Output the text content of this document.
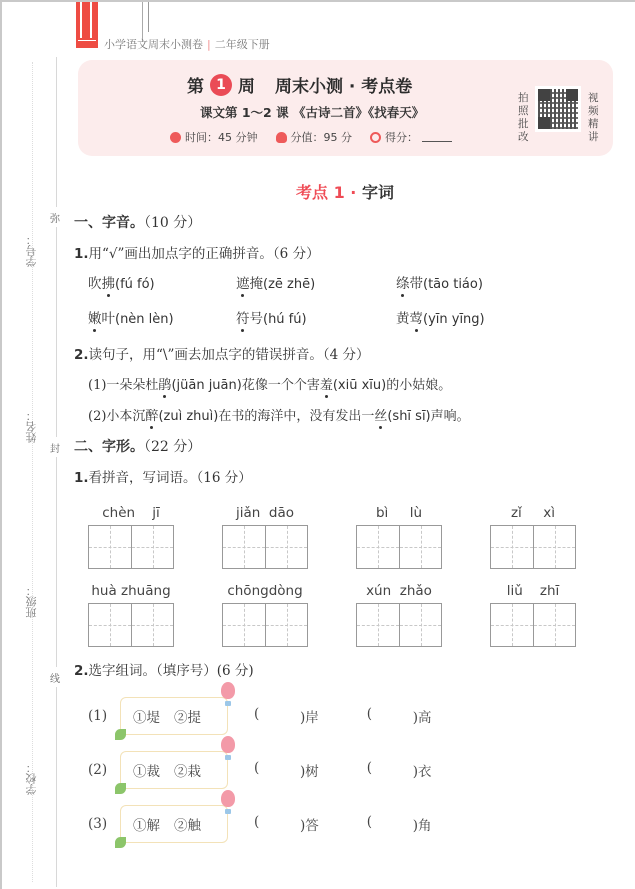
小学语文周末小测卷 | 二年级下册
第 1 周 周末小测 · 考点卷
课文第 1～2 课 《古诗二首》《找春天》
时间：45 分钟	分值：95 分	得分：
拍照批改
视频精讲
弥
封
线
学号：
姓名：
班级：
学校：
考点 1 · 字词
一、字音。（10 分）
1.用“√”画出加点字的正确拼音。（6 分）
吹拂(fú fó)	遮掩(zē zhē)	绦带(tāo tiáo)
嫩叶(nèn lèn)	符号(hú fú)	黄莺(yīn yīng)
2.读句子，用“\”画去加点字的错误拼音。（4 分）
(1)一朵朵杜鹃(jüān juān)花像一个个害羞(xiū xīu)的小姑娘。
(2)小本沉醉(zuì zhuì)在书的海洋中，没有发出一丝(shī sī)声响。
二、字形。（22 分）
1.看拼音，写词语。（16 分）
chèn    jī	jiǎn  dāo	bì     lù	zǐ     xì
huà zhuāng	chōngdòng	xún  zhǎo	liǔ    zhī
2.选字组词。（填序号）(6 分)
(1)	①堤 ②提	(	)岸	(	)高
(2)	①裁 ②栽	(	)树	(	)衣
(3)	①解 ②触	(	)答	(	)角
